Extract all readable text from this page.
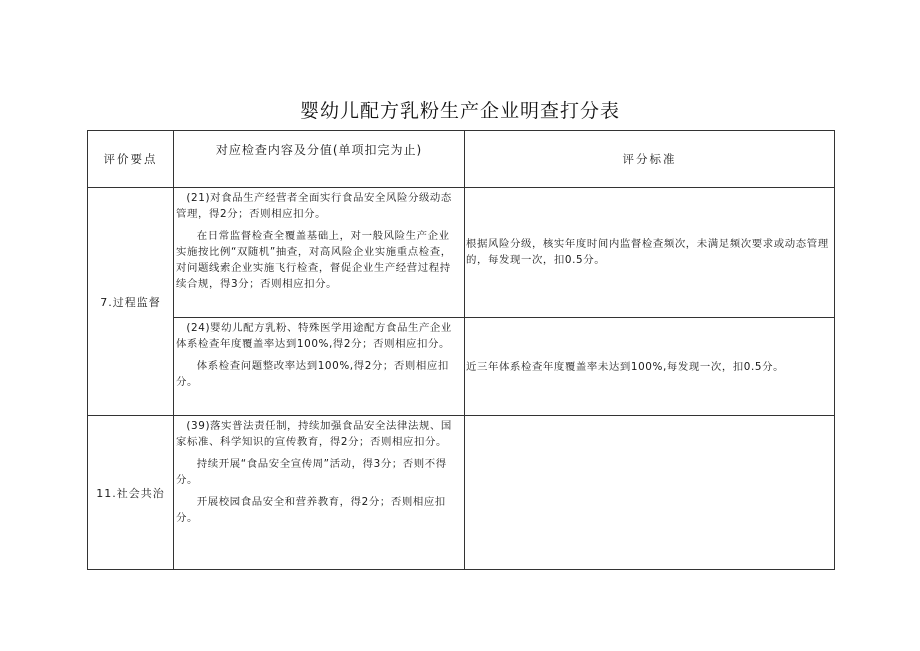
婴幼儿配方乳粉生产企业明查打分表
评价要点	对应检查内容及分值(单项扣完为止)	评分标准
7.过程监督	(21)对食品生产经营者全面实行食品安全风险分级动态管理，得2分；否则相应扣分。

在日常监督检查全覆盖基础上，对一般风险生产企业实施按比例“双随机”抽查，对高风险企业实施重点检查，对问题线索企业实施飞行检查，督促企业生产经营过程持续合规，得3分；否则相应扣分。	根据风险分级，核实年度时间内监督检查频次，未满足频次要求或动态管理的，每发现一次，扣0.5分。

	(24)婴幼儿配方乳粉、特殊医学用途配方食品生产企业体系检查年度覆盖率达到100%,得2分；否则相应扣分。

体系检查问题整改率达到100%,得2分；否则相应扣分。	近三年体系检查年度覆盖率未达到100%,每发现一次，扣0.5分。
11.社会共治	(39)落实普法责任制，持续加强食品安全法律法规、国家标准、科学知识的宣传教育，得2分；否则相应扣分。

持续开展“食品安全宣传周”活动，得3分；否则不得分。

开展校园食品安全和营养教育，得2分；否则相应扣分。	
